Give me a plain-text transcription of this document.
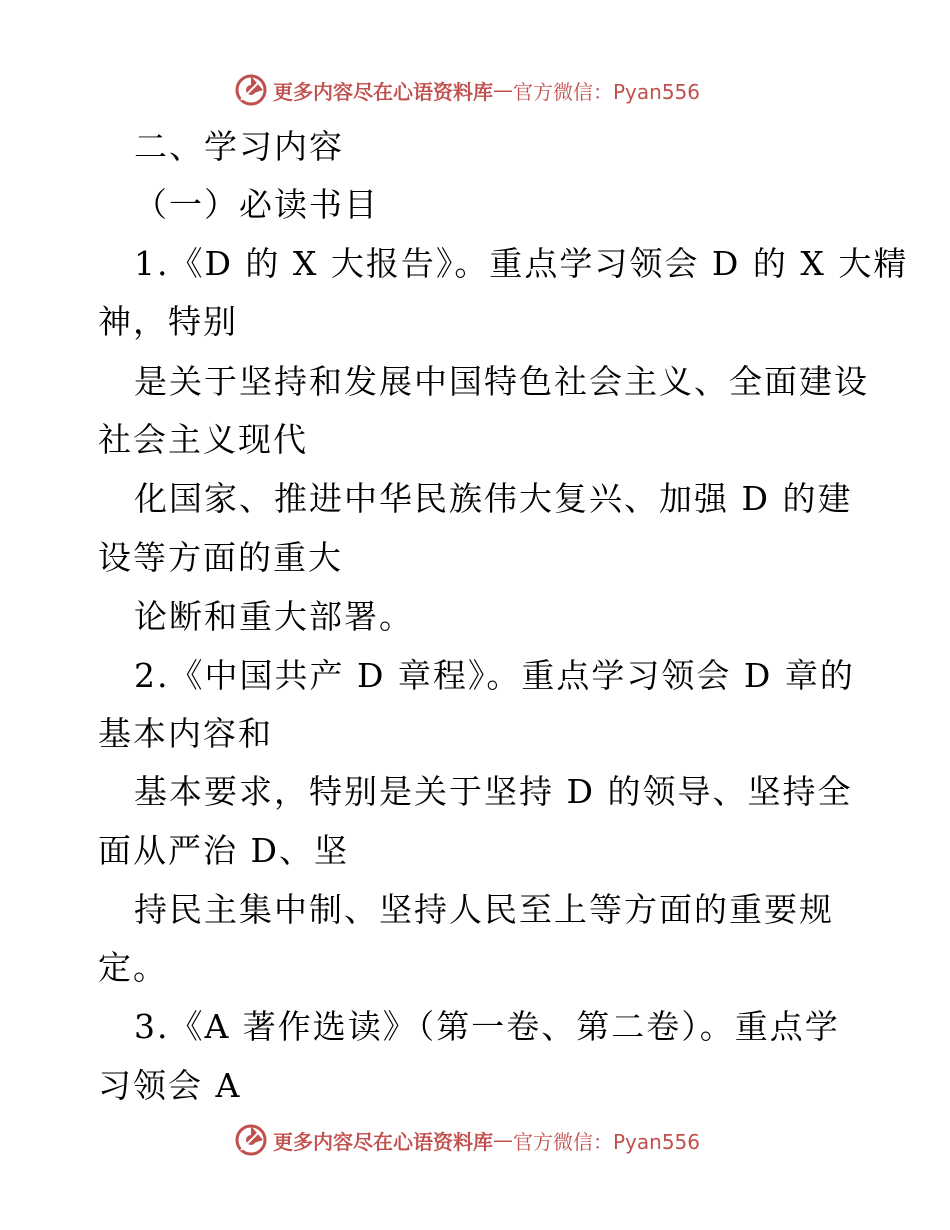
更多内容尽在心语资料库 — 官方微信：Pyan556
二、学习内容
（一）必读书目
1.《D 的 X 大报告》。重点学习领会 D 的 X 大精
神，特别
是关于坚持和发展中国特色社会主义、全面建设
社会主义现代
化国家、推进中华民族伟大复兴、加强 D 的建
设等方面的重大
论断和重大部署。
2.《中国共产 D 章程》。重点学习领会 D 章的
基本内容和
基本要求，特别是关于坚持 D 的领导、坚持全
面从严治 D、坚
持民主集中制、坚持人民至上等方面的重要规
定。
3.《A 著作选读》（第一卷、第二卷）。重点学
习领会 A
更多内容尽在心语资料库 — 官方微信：Pyan556
